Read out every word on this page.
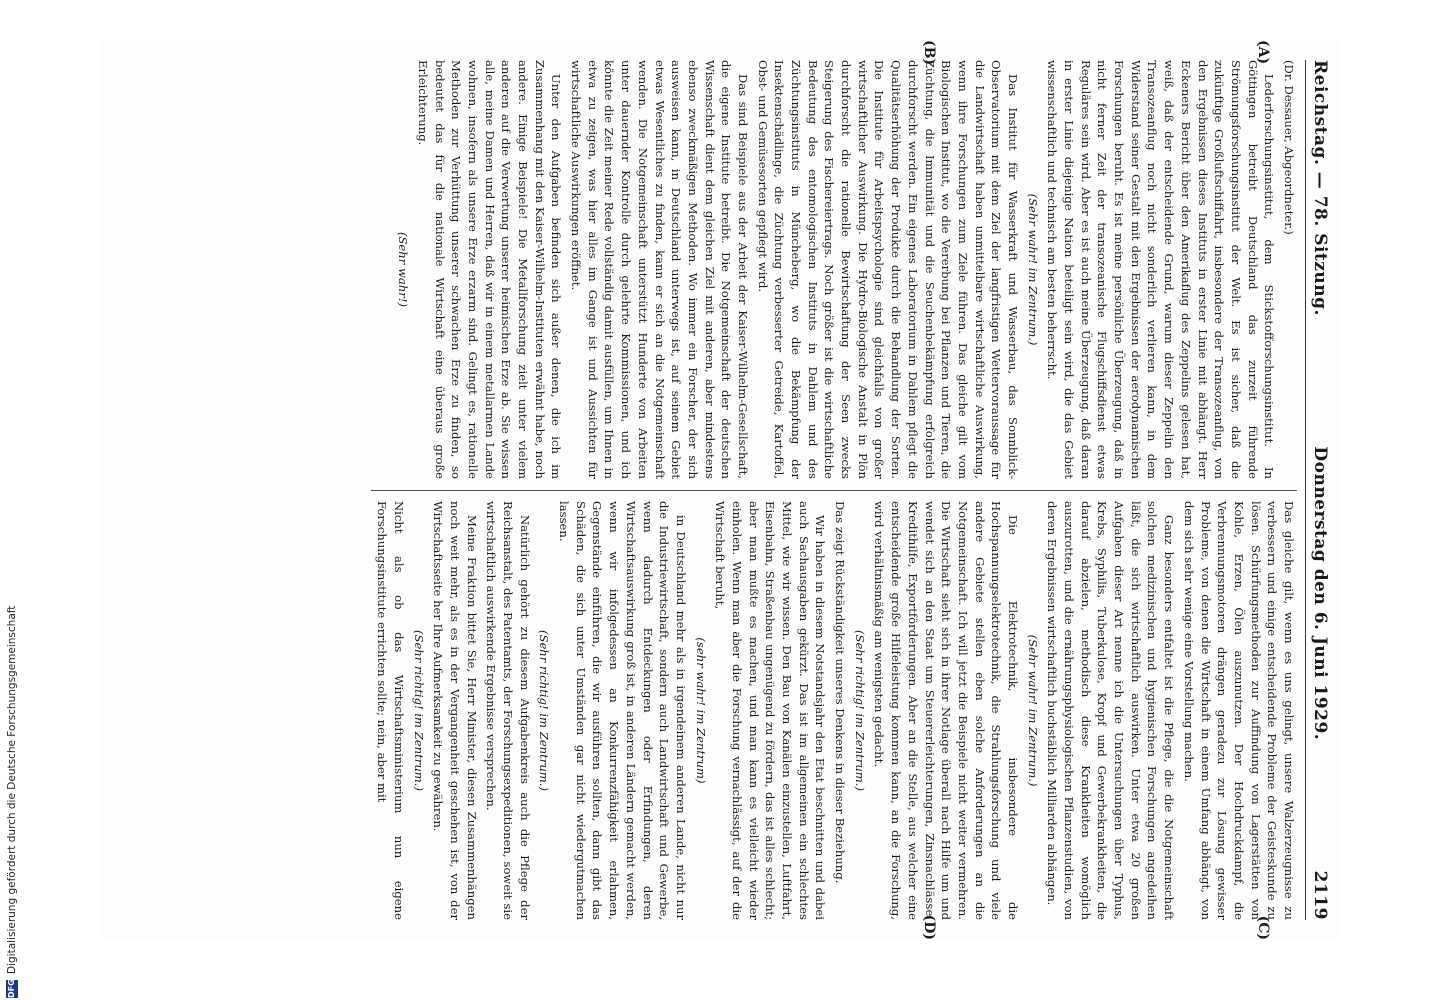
Reichstag. — 78. Sitzung.
Donnerstag den 6. Juni 1929.
2119
(A)
(B)
(C)
(D)

(Dr. Dessauer, Abgeordneter.)

Lederforschungsinstitut, dem Stickstofforschungsinstitut. In Göttingen betreibt Deutschland das zurzeit führende Strömungsforschungsinstitut der Welt. Es ist sicher, daß die zukünftige Großluftschiffahrt, insbesondere der Transozeanflug, von den Ergebnissen dieses Instituts in erster Linie mit abhängt. Herr Eckeners Bericht über den Amerikaflug des Zeppelins gelesen hat, weiß, daß der entscheidende Grund, warum dieser Zeppelin den Transozeanflug noch nicht sonderlich verlieren kann, in dem Widerstand seiner Gestalt mit den Ergebnissen der aerodynamischen Forschungen beruht. Es ist meine persönliche Überzeugung, daß in nicht ferner Zeit der transozeanische Flugschiffsdienst etwas Reguläres sein wird. Aber es ist auch meine Überzeugung, daß daran in erster Linie diejenige Nation beteiligt sein wird, die das Gebiet wissenschaftlich und technisch am besten beherrscht.

(Sehr wahr! im Zentrum.)

Das Institut für Wasserkraft und Wasserbau, das Sonnblick-Observatorium mit dem Ziel der langfristigen Wettervoraussage für die Landwirtschaft haben unmittelbare wirtschaftliche Auswirkung, wenn ihre Forschungen zum Ziele führen. Das gleiche gilt vom Biologischen Institut, wo die Vererbung bei Pflanzen und Tieren, die Züchtung, die Immunität und die Seuchenbekämpfung erfolgreich durchforscht werden. Ein eigenes Laboratorium in Dahlem pflegt die Qualitätserhöhung der Produkte durch die Behandlung der Sorten. Die Institute für Arbeitspsychologie sind gleichfalls von großer wirtschaftlicher Auswirkung. Die Hydro-Biologische Anstalt in Plön durchforscht die rationelle Bewirtschaftung der Seen zwecks Steigerung des Fischereiertrags. Noch größer ist die wirtschaftliche Bedeutung des entomologischen Instituts in Dahlem und des Züchtungsinstituts in Müncheberg, wo die Bekämpfung der Insektenschädlinge, die Züchtung verbesserter Getreide, Kartoffel, Obst- und Gemüsesorten gepflegt wird.

Das sind Beispiele aus der Arbeit der Kaiser-Wilhelm-Gesellschaft, die eigene Institute betreibt. Die Notgemeinschaft der deutschen Wissenschaft dient dem gleichen Ziel mit anderen, aber mindestens ebenso zweckmäßigen Methoden. Wo immer ein Forscher, der sich ausweisen kann, in Deutschland unterwegs ist, auf seinem Gebiet etwas Wesentliches zu finden, kann er sich an die Notgemeinschaft wenden. Die Notgemeinschaft unterstützt Hunderte von Arbeiten unter dauernder Kontrolle durch gelehrte Kommissionen, und ich könnte die Zeit meiner Rede vollständig damit ausfüllen, um Ihnen in etwa zu zeigen, was hier alles im Gange ist und Aussichten für wirtschaftliche Auswirkungen eröffnet.

Unter den Aufgaben befinden sich außer denen, die ich im Zusammenhang mit den Kaiser-Wilhelm-Instituten erwähnt habe, noch andere. Einige Beispiele! Die Metallforschung zielt unter vielem anderen auf die Verwertung unserer heimischen Erze ab. Sie wissen alle, meine Damen und Herren, daß wir in einem metallarmen Lande wohnen, insofern als unsere Erze erzarm sind. Gelingt es, rationelle Methoden zur Verhüttung unserer schwachen Erze zu finden, so bedeutet das für die nationale Wirtschaft eine überaus große Erleichterung.

(Sehr wahr!)

Das gleiche gilt, wenn es uns gelingt, unsere Walzerzeugnisse zu verbessern und einige entscheidende Probleme der Geisteskunde zu lösen. Schürfungsmethoden zur Auffindung von Lagerstätten von Kohle, Erzen, Ölen auszunutzen. Der Hochdruckdampf, die Verbrennungsmotoren drängen geradezu zur Lösung gewisser Probleme, von denen die Wirtschaft in einem Umfang abhängt, von dem sich sehr wenige eine Vorstellung machen.

Ganz besonders entfaltet ist die Pflege, die die Notgemeinschaft solchen medizinischen und hygienischen Forschungen angedeihen läßt, die sich wirtschaftlich auswirken. Unter etwa 20 großen Aufgaben dieser Art nenne ich die Untersuchungen über Typhus, Krebs, Syphilis, Tuberkulose, Kropf und Gewerbekrankheiten, die darauf abzielen, methodisch diese Krankheiten womöglich auszurotten, und die ernährungsphysiologischen Pflanzenstudien, von deren Ergebnissen wirtschaftlich buchstäblich Milliarden abhängen.

(Sehr wahr! im Zentrum.)

Die Elektrotechnik, insbesondere die Hochspannungselektrotechnik, die Strahlungsforschung und viele andere Gebiete stellen eben solche Anforderungen an die Notgemeinschaft. Ich will jetzt die Beispiele nicht weiter vermehren. Die Wirtschaft sieht sich in ihrer Notlage überall nach Hilfe um und wendet sich an den Staat um Steuererleichterungen, Zinsnachlässe, Kredithilfe, Exportförderungen. Aber an die Stelle, aus welcher eine entscheidende große Hilfeleistung kommen kann, an die Forschung, wird verhältnismäßig am wenigsten gedacht.

(Sehr richtig! im Zentrum.)

Das zeigt Rückständigkeit unseres Denkens in dieser Beziehung.

Wir haben in diesem Notstandsjahr den Etat beschnitten und dabei auch Sachausgaben gekürzt. Das ist im allgemeinen ein schlechtes Mittel, wie wir wissen. Den Bau von Kanälen einzustellen, Luftfahrt, Eisenbahn, Straßenbau ungenügend zu fördern, das ist alles schlecht; aber man mußte es machen, und man kann es vielleicht wieder einholen. Wenn man aber die Forschung vernachlässigt, auf der die Wirtschaft beruht,

(sehr wahr! im Zentrum)

in Deutschland mehr als in irgendeinem anderen Lande, nicht nur die Industriewirtschaft, sondern auch Landwirtschaft und Gewerbe, wenn dadurch Entdeckungen oder Erfindungen, deren Wirtschaftsauswirkung groß ist, in anderen Ländern gemacht werden, wenn wir infolgedessen an Konkurrenzfähigkeit erlahmen, Gegenstände einführen, die wir ausführen sollten, dann gibt das Schäden, die sich unter Umständen gar nicht wiedergutmachen lassen.

(Sehr richtig! im Zentrum.)

Natürlich gehört zu diesem Aufgabenkreis auch die Pflege der Reichsanstalt, des Patentamts, der Forschungsexpeditionen, soweit sie wirtschaftlich auswirkende Ergebnisse versprechen.

Meine Fraktion bittet Sie, Herr Minister, diesen Zusammenhängen noch weit mehr, als es in der Vergangenheit geschehen ist, von der Wirtschaftsseite her Ihre Aufmerksamkeit zu gewähren.

(Sehr richtig! im Zentrum.)

Nicht als ob das Wirtschaftsministerium nun eigene Forschungsinstitute errichten sollte; nein, aber mit

DFG
Digitalisierung gefördert durch die Deutsche Forschungsgemeinschaft
